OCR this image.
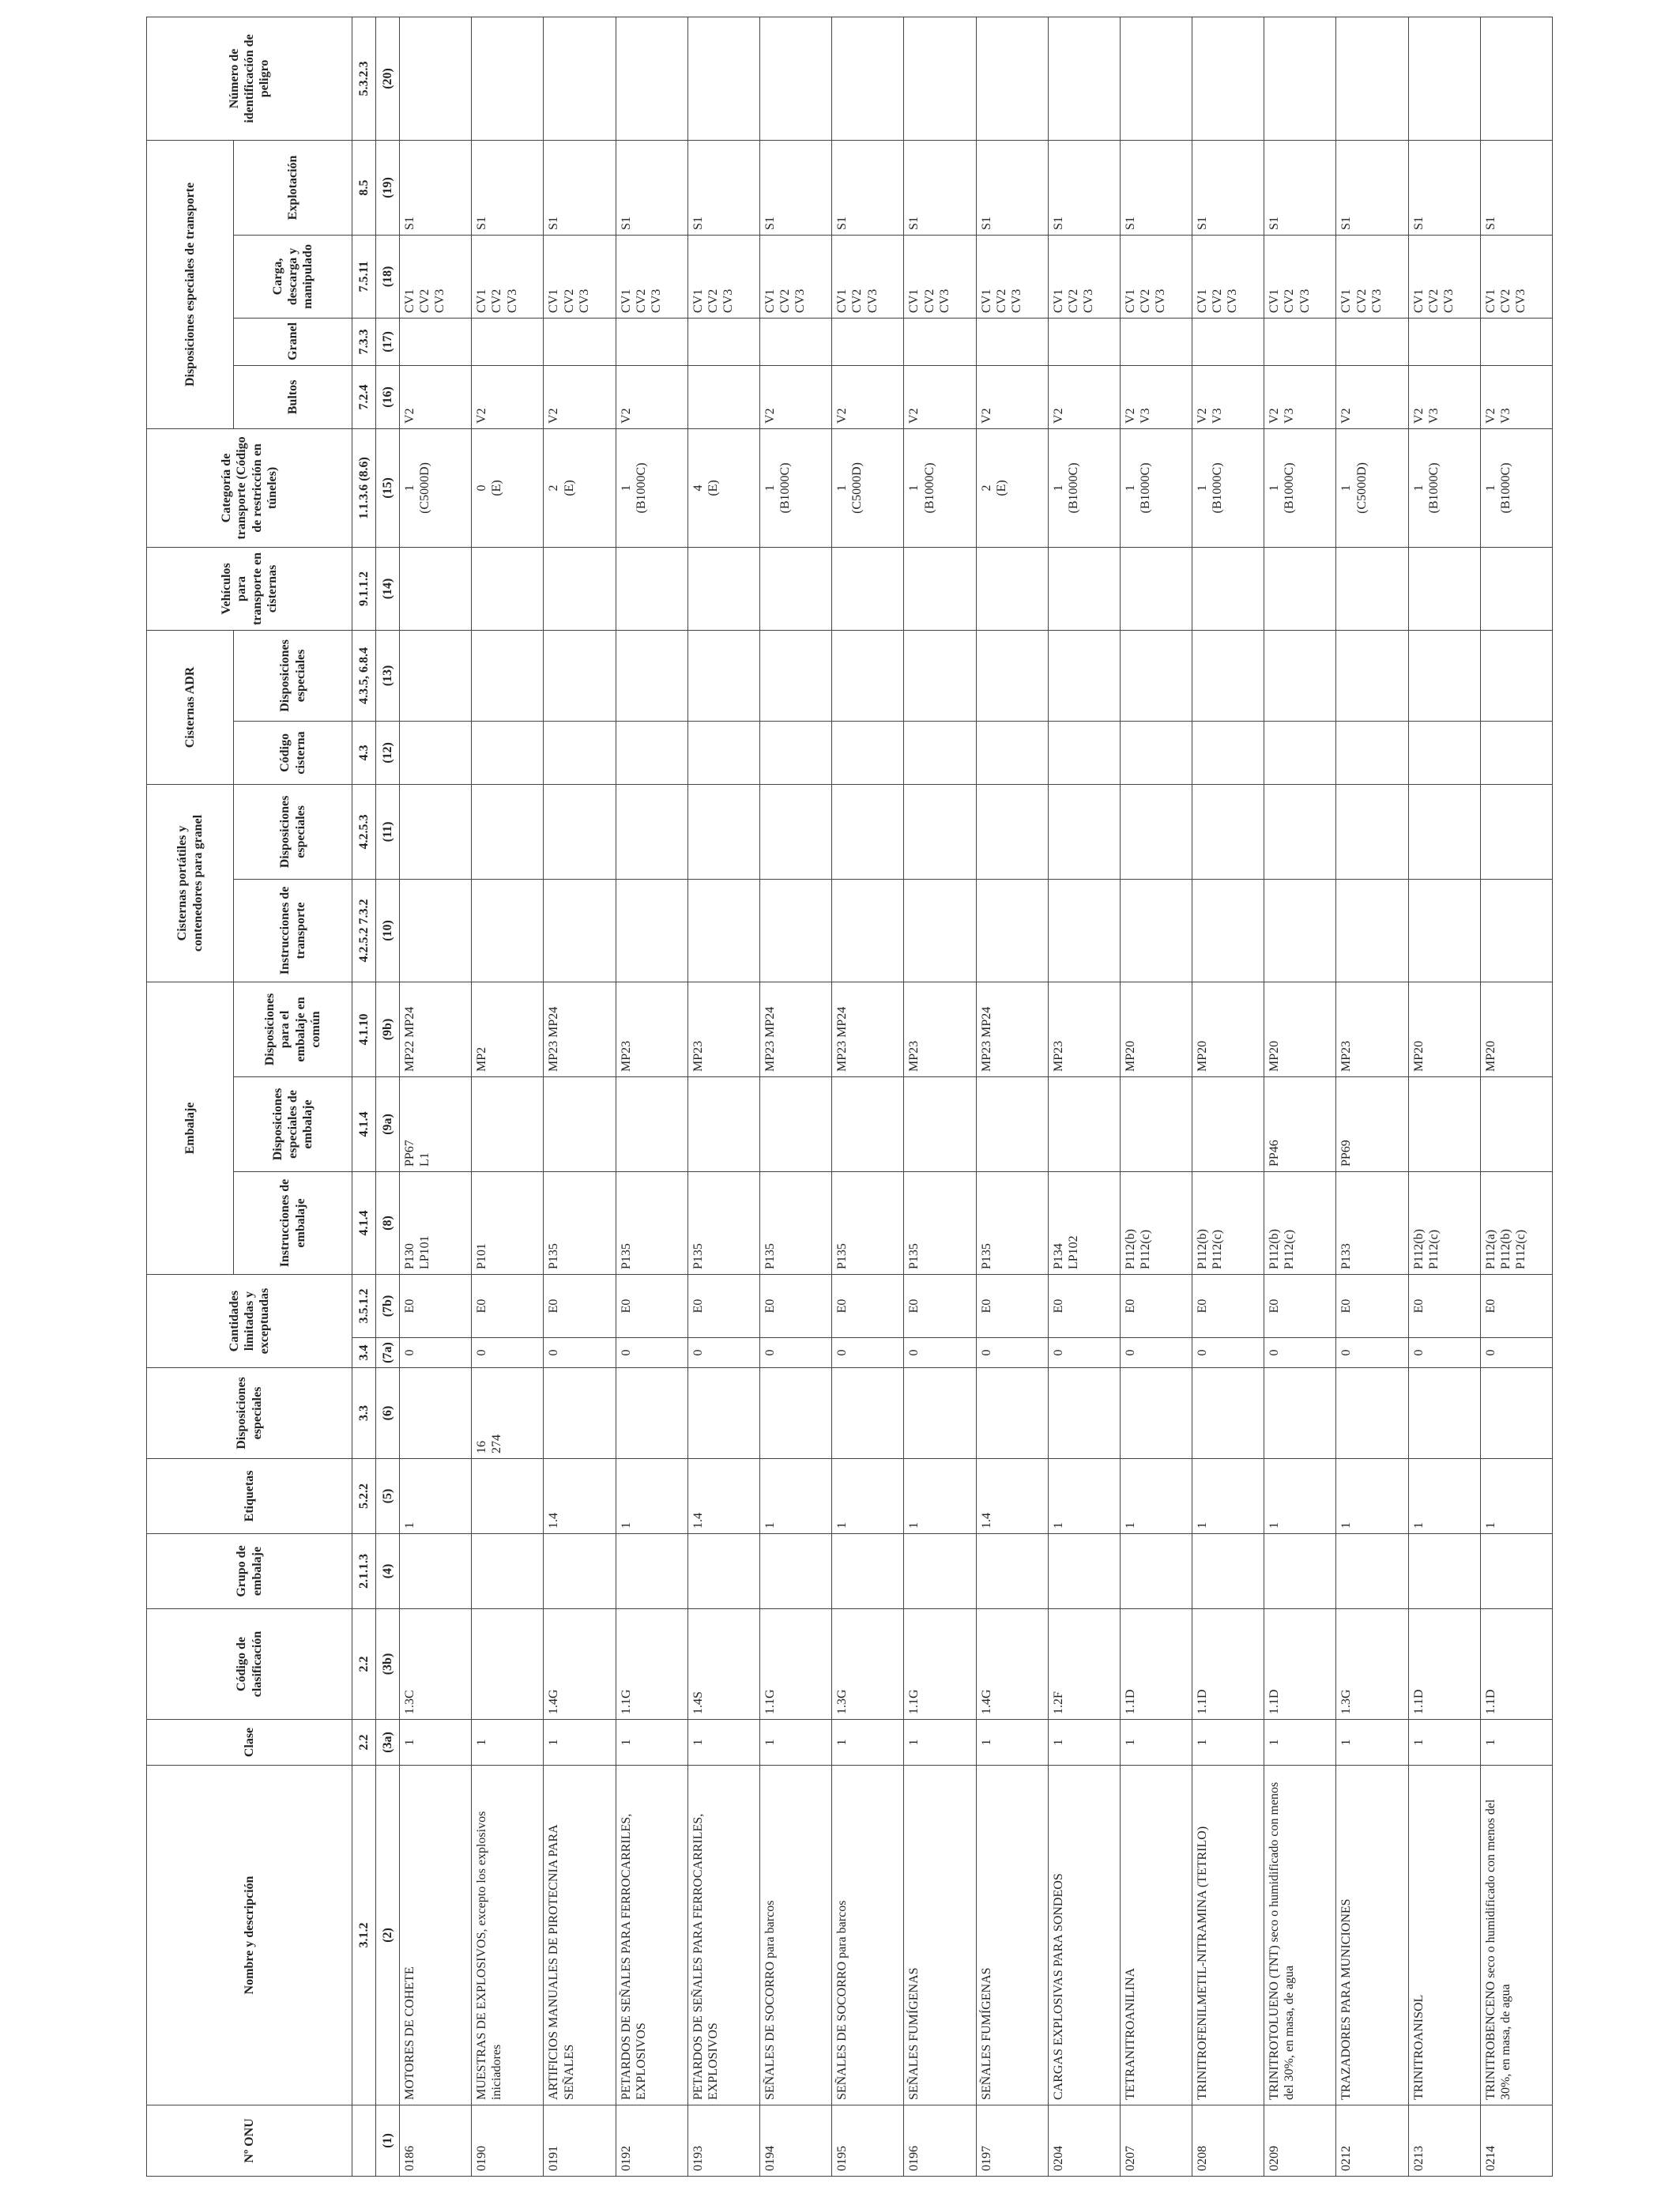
Nº ONU	Nombre y descripción	Clase	Código de clasificación	Grupo de embalaje	Etiquetas	Disposiciones especiales	Cantidades limitadas y exceptuadas		Embalaje			Cisternas portátiles y contenedores para granel		Cisternas ADR		Vehículos para transporte en cisternas	Categoría de transporte (Código de restricción en túneles)	Disposiciones especiales de transporte				Número de identificación de peligro
									Instrucciones de embalaje	Disposiciones especiales de embalaje	Disposiciones para el embalaje en común	Instrucciones de transporte	Disposiciones especiales	Código cisterna	Disposiciones especiales			Bultos	Granel	Carga, descarga y manipulado	Explotación	
	3.1.2	2.2	2.2	2.1.1.3	5.2.2	3.3	3.4	3.5.1.2	4.1.4	4.1.4	4.1.10	4.2.5.2 7.3.2	4.2.5.3	4.3	4.3.5, 6.8.4	9.1.1.2	1.1.3.6 (8.6)	7.2.4	7.3.3	7.5.11	8.5	5.3.2.3
(1)	(2)	(3a)	(3b)	(4)	(5)	(6)	(7a)	(7b)	(8)	(9a)	(9b)	(10)	(11)	(12)	(13)	(14)	(15)	(16)	(17)	(18)	(19)	(20)
0186	MOTORES DE COHETE	1	1.3C		1		0	E0	P130 LP101	PP67 L1	MP22 MP24						1 (C5000D)	V2		CV1 CV2 CV3	S1	
0190	MUESTRAS DE EXPLOSIVOS, excepto los explosivos iniciadores	1				16 274	0	E0	P101		MP2						0 (E)	V2		CV1 CV2 CV3	S1	
0191	ARTIFICIOS MANUALES DE PIROTECNIA PARA SEÑALES	1	1.4G		1.4		0	E0	P135		MP23 MP24						2 (E)	V2		CV1 CV2 CV3	S1	
0192	PETARDOS DE SEÑALES PARA FERROCARRILES, EXPLOSIVOS	1	1.1G		1		0	E0	P135		MP23						1 (B1000C)	V2		CV1 CV2 CV3	S1	
0193	PETARDOS DE SEÑALES PARA FERROCARRILES, EXPLOSIVOS	1	1.4S		1.4		0	E0	P135		MP23						4 (E)			CV1 CV2 CV3	S1	
0194	SEÑALES DE SOCORRO para barcos	1	1.1G		1		0	E0	P135		MP23 MP24						1 (B1000C)	V2		CV1 CV2 CV3	S1	
0195	SEÑALES DE SOCORRO para barcos	1	1.3G		1		0	E0	P135		MP23 MP24						1 (C5000D)	V2		CV1 CV2 CV3	S1	
0196	SEÑALES FUMÍGENAS	1	1.1G		1		0	E0	P135		MP23						1 (B1000C)	V2		CV1 CV2 CV3	S1	
0197	SEÑALES FUMÍGENAS	1	1.4G		1.4		0	E0	P135		MP23 MP24						2 (E)	V2		CV1 CV2 CV3	S1	
0204	CARGAS EXPLOSIVAS PARA SONDEOS	1	1.2F		1		0	E0	P134 LP102		MP23						1 (B1000C)	V2		CV1 CV2 CV3	S1	
0207	TETRANITROANILINA	1	1.1D		1		0	E0	P112(b) P112(c)		MP20						1 (B1000C)	V2 V3		CV1 CV2 CV3	S1	
0208	TRINITROFENILMETIL-NITRAMINA (TETRILO)	1	1.1D		1		0	E0	P112(b) P112(c)		MP20						1 (B1000C)	V2 V3		CV1 CV2 CV3	S1	
0209	TRINITROTOLUENO (TNT) seco o humidificado con menos del 30%, en masa, de agua	1	1.1D		1		0	E0	P112(b) P112(c)	PP46	MP20						1 (B1000C)	V2 V3		CV1 CV2 CV3	S1	
0212	TRAZADORES PARA MUNICIONES	1	1.3G		1		0	E0	P133	PP69	MP23						1 (C5000D)	V2		CV1 CV2 CV3	S1	
0213	TRINITROANISOL	1	1.1D		1		0	E0	P112(b) P112(c)		MP20						1 (B1000C)	V2 V3		CV1 CV2 CV3	S1	
0214	TRINITROBENCENO seco o humidificado con menos del 30%, en masa, de agua	1	1.1D		1		0	E0	P112(a) P112(b) P112(c)		MP20						1 (B1000C)	V2 V3		CV1 CV2 CV3	S1	
